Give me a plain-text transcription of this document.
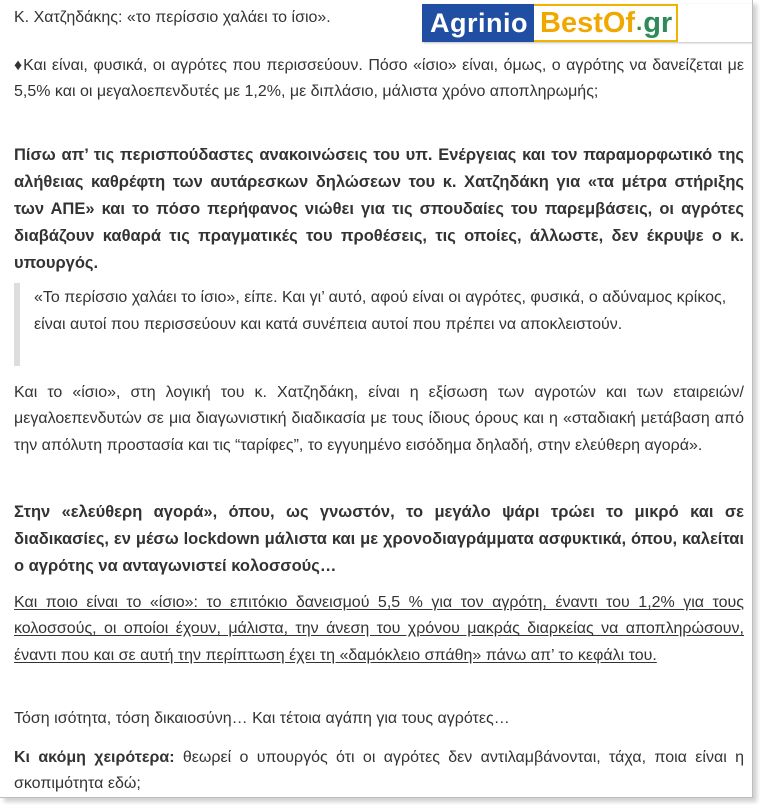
Κ. Χατζηδάκης: «το περίσσιο χαλάει το ίσιο».	Agrinio BestOf . gr

♦Και είναι, φυσικά, οι αγρότες που περισσεύουν. Πόσο «ίσιο» είναι, όμως, ο αγρότης να δανείζεται με 5,5% και οι μεγαλοεπενδυτές με 1,2%, με διπλάσιο, μάλιστα χρόνο αποπληρωμής;

Πίσω απ’ τις περισπούδαστες ανακοινώσεις του υπ. Ενέργειας και τον παραμορφωτικό της αλήθειας καθρέφτη των αυτάρεσκων δηλώσεων του κ. Χατζηδάκη για «τα μέτρα στήριξης των ΑΠΕ» και το πόσο περήφανος νιώθει για τις σπουδαίες του παρεμβάσεις, οι αγρότες διαβάζουν καθαρά τις πραγματικές του προθέσεις, τις οποίες, άλλωστε, δεν έκρυψε ο κ. υπουργός.

«Το περίσσιο χαλάει το ίσιο», είπε. Και γι’ αυτό, αφού είναι οι αγρότες, φυσικά, ο αδύναμος κρίκος, είναι αυτοί που περισσεύουν και κατά συνέπεια αυτοί που πρέπει να αποκλειστούν.

Και το «ίσιο», στη λογική του κ. Χατζηδάκη, είναι η εξίσωση των αγροτών και των εταιρειών/ μεγαλοεπενδυτών σε μια διαγωνιστική διαδικασία με τους ίδιους όρους και η «σταδιακή μετάβαση από την απόλυτη προστασία και τις “ταρίφες”, το εγγυημένο εισόδημα δηλαδή, στην ελεύθερη αγορά».

Στην «ελεύθερη αγορά», όπου, ως γνωστόν, το μεγάλο ψάρι τρώει το μικρό και σε διαδικασίες, εν μέσω lockdown μάλιστα και με χρονοδιαγράμματα ασφυκτικά, όπου, καλείται ο αγρότης να ανταγωνιστεί κολοσσούς…

Και ποιο είναι το «ίσιο»: το επιτόκιο δανεισμού 5,5 % για τον αγρότη, έναντι του 1,2% για τους κολοσσούς, οι οποίοι έχουν, μάλιστα, την άνεση του χρόνου μακράς διαρκείας να αποπληρώσουν, έναντι που και σε αυτή την περίπτωση έχει τη «δαμόκλειο σπάθη» πάνω απ’ το κεφάλι του.

Τόση ισότητα, τόση δικαιοσύνη… Και τέτοια αγάπη για τους αγρότες…

Κι ακόμη χειρότερα: θεωρεί ο υπουργός ότι οι αγρότες δεν αντιλαμβάνονται, τάχα, ποια είναι η σκοπιμότητα εδώ;
